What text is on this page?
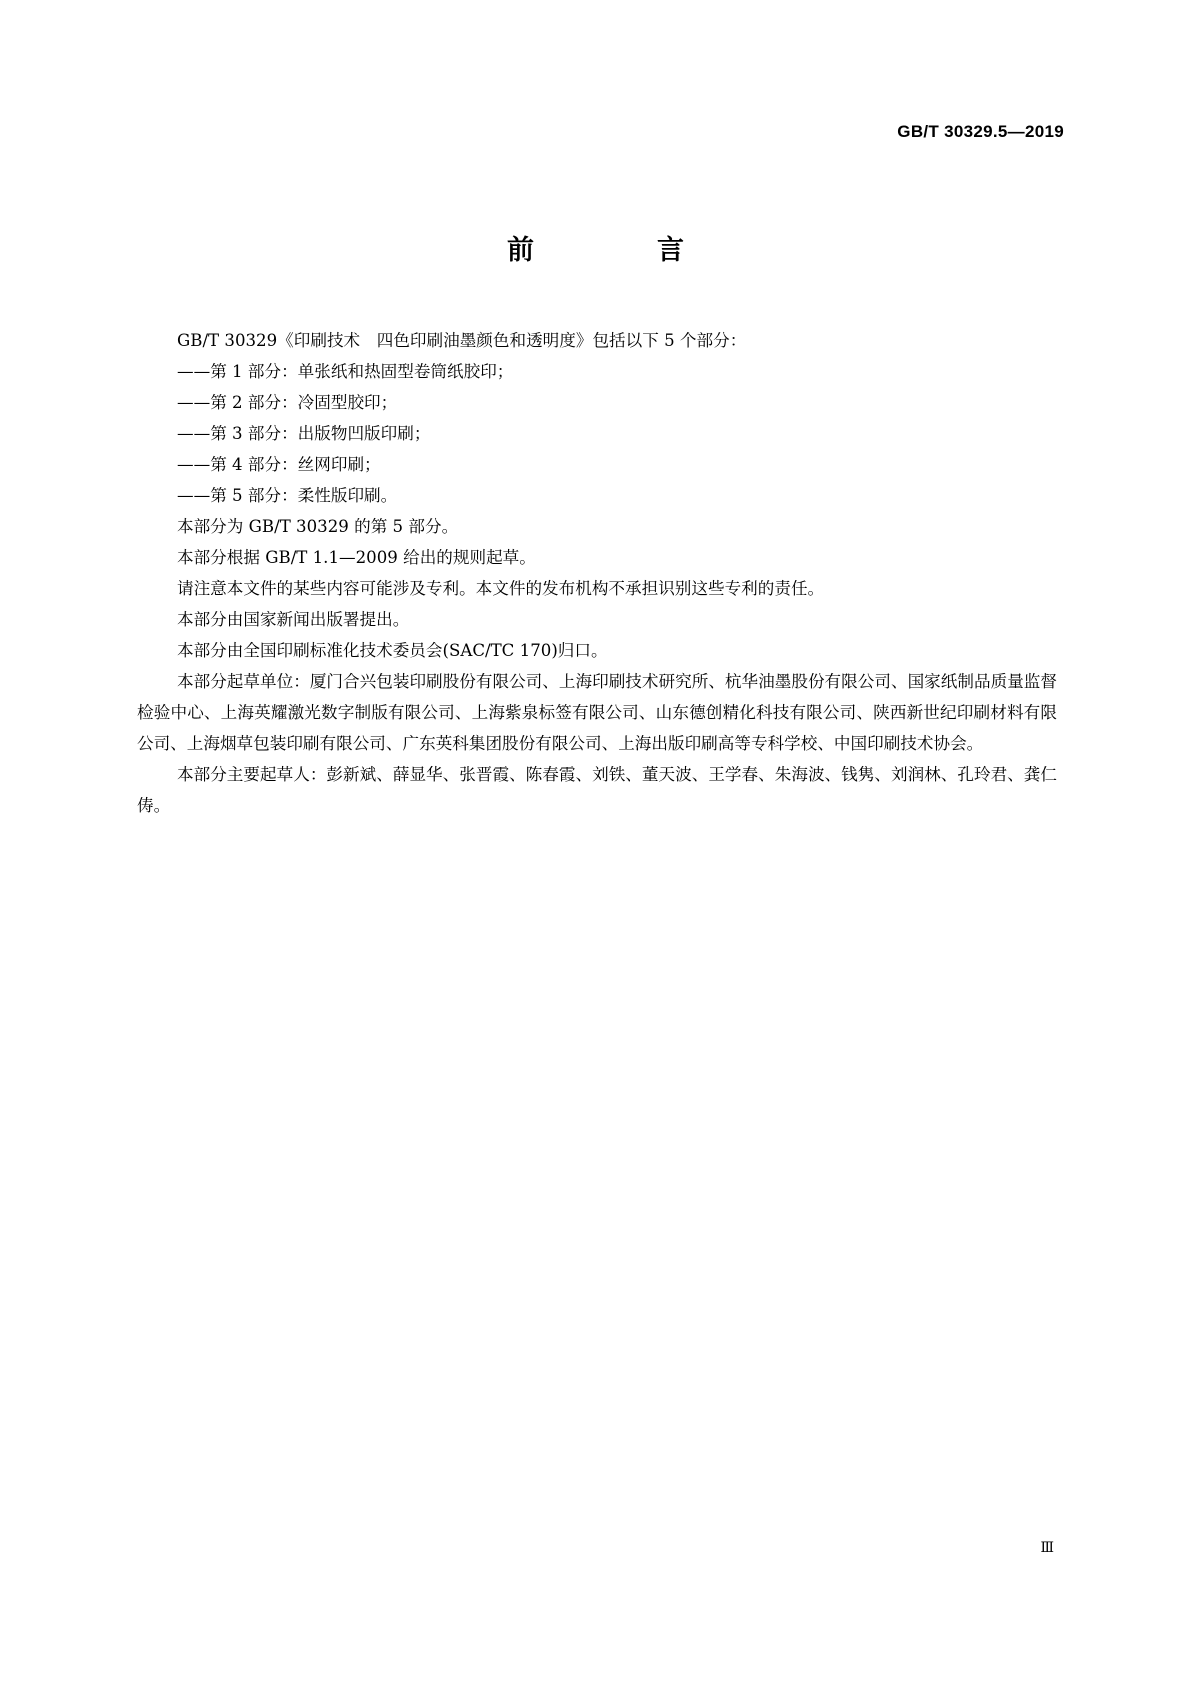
GB/T 30329.5—2019
前　言

GB/T 30329《印刷技术　四色印刷油墨颜色和透明度》包括以下 5 个部分：

——第 1 部分：单张纸和热固型卷筒纸胶印；

——第 2 部分：冷固型胶印；

——第 3 部分：出版物凹版印刷；

——第 4 部分：丝网印刷；

——第 5 部分：柔性版印刷。

本部分为 GB/T 30329 的第 5 部分。

本部分根据 GB/T 1.1—2009 给出的规则起草。

请注意本文件的某些内容可能涉及专利。本文件的发布机构不承担识别这些专利的责任。

本部分由国家新闻出版署提出。

本部分由全国印刷标准化技术委员会(SAC/TC 170)归口。

本部分起草单位：厦门合兴包装印刷股份有限公司、上海印刷技术研究所、杭华油墨股份有限公司、国家纸制品质量监督检验中心、上海英耀激光数字制版有限公司、上海紫泉标签有限公司、山东德创精化科技有限公司、陕西新世纪印刷材料有限公司、上海烟草包装印刷有限公司、广东英科集团股份有限公司、上海出版印刷高等专科学校、中国印刷技术协会。

本部分主要起草人：彭新斌、薛显华、张晋霞、陈春霞、刘铁、董天波、王学春、朱海波、钱隽、刘润林、孔玲君、龚仁俦。

Ⅲ
